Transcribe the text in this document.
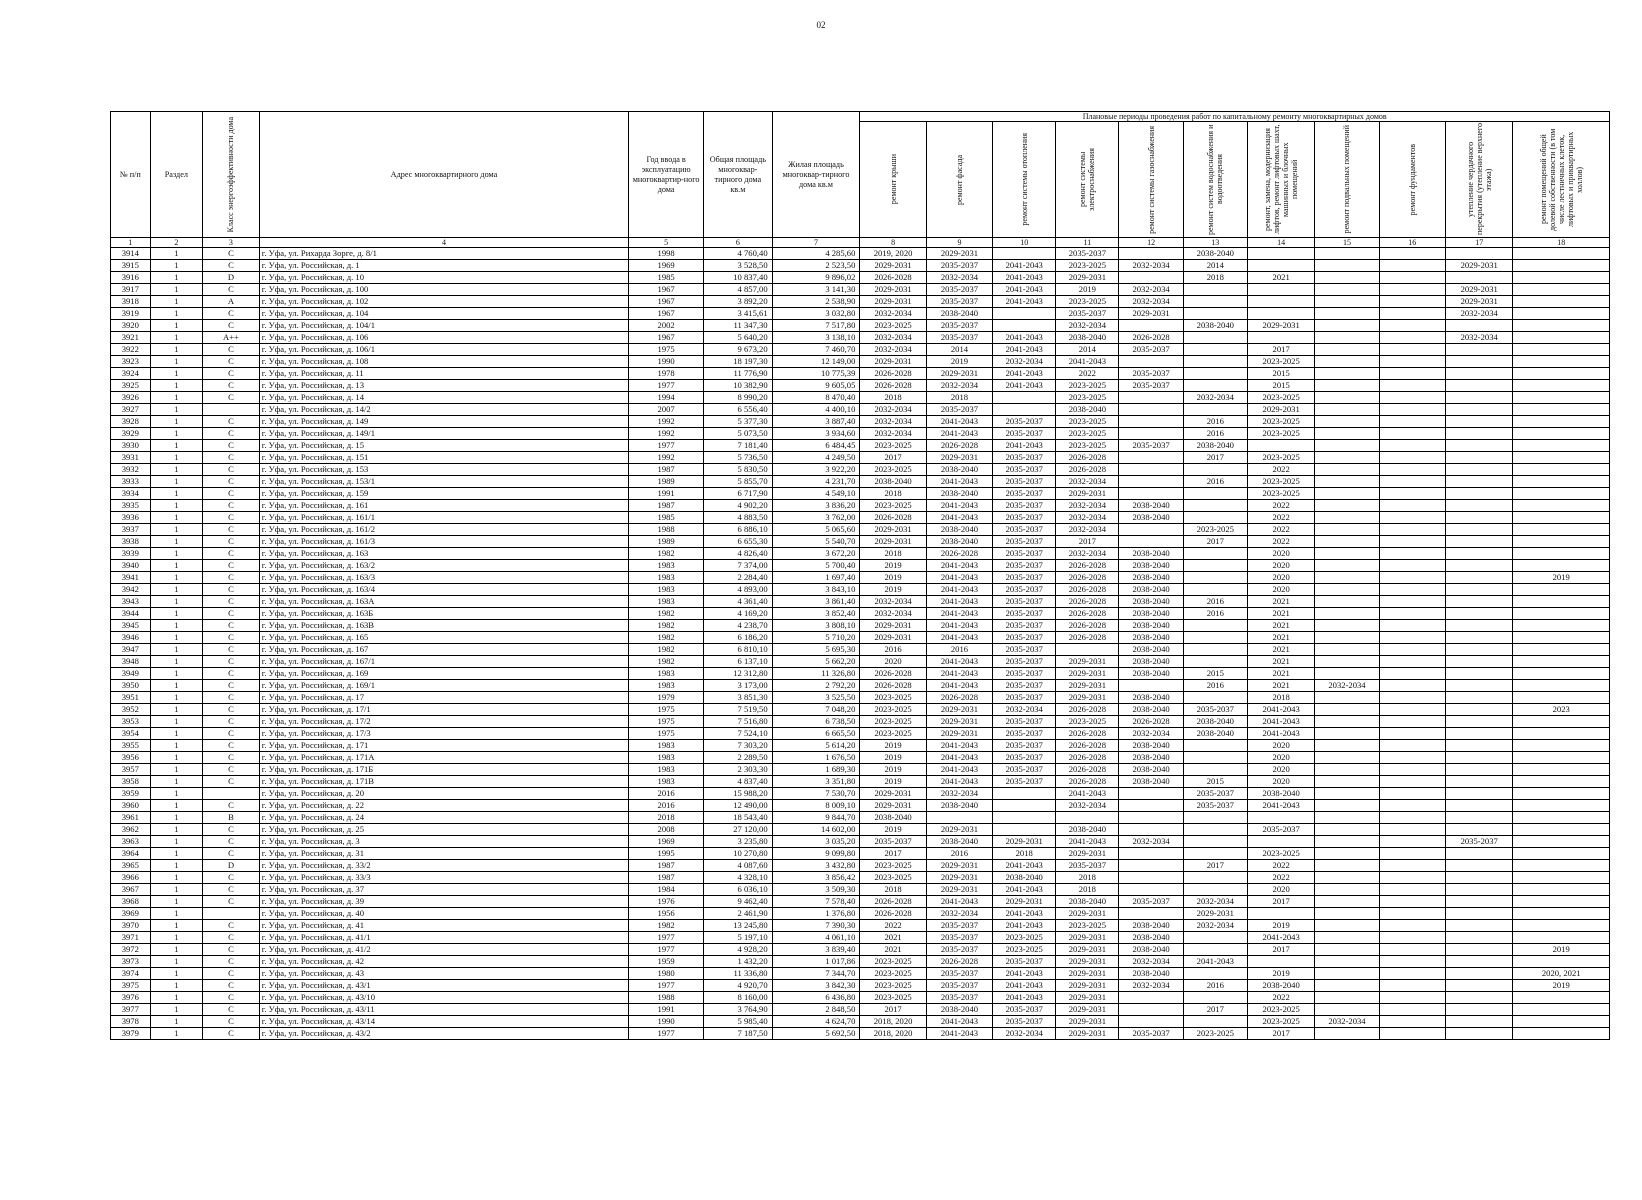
02
№ п/п	Раздел	Класс энергоэффективности дома	Адрес многоквартирного дома	Год ввода в эксплуатацию многоквартир-ного дома	Общая площадь многоквар-тирного дома кв.м	Жилая площадь многоквар-тирного дома кв.м	Плановые периоды проведения работ по капитальному ремонту многоквартирных домов										

							ремонт крыши	ремонт фасада	ремонт системы отопления	ремонт системы электроснабжения	ремонт системы газоснабжения	ремонт систем водоснабжения и водоотведения	ремонт, замена, модернизация лифтов, ремонт лифтовых шахт, машинных и блочных помещений	ремонт подвальных помещений	ремонт фундаментов	утепление чердачного перекрытия (утепление верхнего этажа)	ремонт помещений общей долевой собственности (в том числе лестничных клеток, лифтовых и приквартирных холлов)

1	2	3	4	5	6	7	8	9	10	11	12	13	14	15	16	17	18
3914	1	C	г. Уфа, ул. Рихарда Зорге, д. 8/1	1998	4 760,40	4 285,60	2019, 2020	2029-2031		2035-2037		2038-2040					
3915	1	C	г. Уфа, ул. Российская, д. 1	1969	3 528,50	2 523,50	2029-2031	2035-2037	2041-2043	2023-2025	2032-2034	2014				2029-2031	
3916	1	D	г. Уфа, ул. Российская, д. 10	1985	10 837,40	9 896,02	2026-2028	2032-2034	2041-2043	2029-2031		2018	2021				
3917	1	C	г. Уфа, ул. Российская, д. 100	1967	4 857,00	3 141,30	2029-2031	2035-2037	2041-2043	2019	2032-2034					2029-2031	
3918	1	A	г. Уфа, ул. Российская, д. 102	1967	3 892,20	2 538,90	2029-2031	2035-2037	2041-2043	2023-2025	2032-2034					2029-2031	
3919	1	C	г. Уфа, ул. Российская, д. 104	1967	3 415,61	3 032,80	2032-2034	2038-2040		2035-2037	2029-2031					2032-2034	
3920	1	C	г. Уфа, ул. Российская, д. 104/1	2002	11 347,30	7 517,80	2023-2025	2035-2037		2032-2034		2038-2040	2029-2031				
3921	1	A++	г. Уфа, ул. Российская, д. 106	1967	5 640,20	3 138,10	2032-2034	2035-2037	2041-2043	2038-2040	2026-2028					2032-2034	
3922	1	C	г. Уфа, ул. Российская, д. 106/1	1975	9 673,20	7 460,70	2032-2034	2014	2041-2043	2014	2035-2037		2017				
3923	1	C	г. Уфа, ул. Российская, д. 108	1990	18 197,30	12 149,00	2029-2031	2019	2032-2034	2041-2043			2023-2025				
3924	1	C	г. Уфа, ул. Российская, д. 11	1978	11 776,90	10 775,39	2026-2028	2029-2031	2041-2043	2022	2035-2037		2015				
3925	1	C	г. Уфа, ул. Российская, д. 13	1977	10 382,90	9 605,05	2026-2028	2032-2034	2041-2043	2023-2025	2035-2037		2015				
3926	1	C	г. Уфа, ул. Российская, д. 14	1994	8 990,20	8 470,40	2018	2018		2023-2025		2032-2034	2023-2025				
3927	1		г. Уфа, ул. Российская, д. 14/2	2007	6 556,40	4 400,10	2032-2034	2035-2037		2038-2040			2029-2031				
3928	1	C	г. Уфа, ул. Российская, д. 149	1992	5 377,30	3 887,40	2032-2034	2041-2043	2035-2037	2023-2025		2016	2023-2025				
3929	1	C	г. Уфа, ул. Российская, д. 149/1	1992	5 073,50	3 934,60	2032-2034	2041-2043	2035-2037	2023-2025		2016	2023-2025				
3930	1	C	г. Уфа, ул. Российская, д. 15	1977	7 181,40	6 484,45	2023-2025	2026-2028	2041-2043	2023-2025	2035-2037	2038-2040					
3931	1	C	г. Уфа, ул. Российская, д. 151	1992	5 736,50	4 249,50	2017	2029-2031	2035-2037	2026-2028		2017	2023-2025				
3932	1	C	г. Уфа, ул. Российская, д. 153	1987	5 830,50	3 922,20	2023-2025	2038-2040	2035-2037	2026-2028			2022				
3933	1	C	г. Уфа, ул. Российская, д. 153/1	1989	5 855,70	4 231,70	2038-2040	2041-2043	2035-2037	2032-2034		2016	2023-2025				
3934	1	C	г. Уфа, ул. Российская, д. 159	1991	6 717,90	4 549,10	2018	2038-2040	2035-2037	2029-2031			2023-2025				
3935	1	C	г. Уфа, ул. Российская, д. 161	1987	4 902,20	3 836,20	2023-2025	2041-2043	2035-2037	2032-2034	2038-2040		2022				
3936	1	C	г. Уфа, ул. Российская, д. 161/1	1985	4 883,50	3 762,00	2026-2028	2041-2043	2035-2037	2032-2034	2038-2040		2022				
3937	1	C	г. Уфа, ул. Российская, д. 161/2	1988	6 886,10	5 065,60	2029-2031	2038-2040	2035-2037	2032-2034		2023-2025	2022				
3938	1	C	г. Уфа, ул. Российская, д. 161/3	1989	6 655,30	5 540,70	2029-2031	2038-2040	2035-2037	2017		2017	2022				
3939	1	C	г. Уфа, ул. Российская, д. 163	1982	4 826,40	3 672,20	2018	2026-2028	2035-2037	2032-2034	2038-2040		2020				
3940	1	C	г. Уфа, ул. Российская, д. 163/2	1983	7 374,00	5 700,40	2019	2041-2043	2035-2037	2026-2028	2038-2040		2020				
3941	1	C	г. Уфа, ул. Российская, д. 163/3	1983	2 284,40	1 697,40	2019	2041-2043	2035-2037	2026-2028	2038-2040		2020				2019
3942	1	C	г. Уфа, ул. Российская, д. 163/4	1983	4 893,00	3 843,10	2019	2041-2043	2035-2037	2026-2028	2038-2040		2020				
3943	1	C	г. Уфа, ул. Российская, д. 163А	1983	4 361,40	3 861,40	2032-2034	2041-2043	2035-2037	2026-2028	2038-2040	2016	2021				
3944	1	C	г. Уфа, ул. Российская, д. 163Б	1982	4 169,20	3 852,40	2032-2034	2041-2043	2035-2037	2026-2028	2038-2040	2016	2021				
3945	1	C	г. Уфа, ул. Российская, д. 163В	1982	4 238,70	3 808,10	2029-2031	2041-2043	2035-2037	2026-2028	2038-2040		2021				
3946	1	C	г. Уфа, ул. Российская, д. 165	1982	6 186,20	5 710,20	2029-2031	2041-2043	2035-2037	2026-2028	2038-2040		2021				
3947	1	C	г. Уфа, ул. Российская, д. 167	1982	6 810,10	5 695,30	2016	2016	2035-2037		2038-2040		2021				
3948	1	C	г. Уфа, ул. Российская, д. 167/1	1982	6 137,10	5 662,20	2020	2041-2043	2035-2037	2029-2031	2038-2040		2021				
3949	1	C	г. Уфа, ул. Российская, д. 169	1983	12 312,80	11 326,80	2026-2028	2041-2043	2035-2037	2029-2031	2038-2040	2015	2021				
3950	1	C	г. Уфа, ул. Российская, д. 169/1	1983	3 173,00	2 792,20	2026-2028	2041-2043	2035-2037	2029-2031		2016	2021	2032-2034			
3951	1	C	г. Уфа, ул. Российская, д. 17	1979	3 851,30	3 525,50	2023-2025	2026-2028	2035-2037	2029-2031	2038-2040		2018				
3952	1	C	г. Уфа, ул. Российская, д. 17/1	1975	7 519,50	7 048,20	2023-2025	2029-2031	2032-2034	2026-2028	2038-2040	2035-2037	2041-2043				2023
3953	1	C	г. Уфа, ул. Российская, д. 17/2	1975	7 516,80	6 738,50	2023-2025	2029-2031	2035-2037	2023-2025	2026-2028	2038-2040	2041-2043				
3954	1	C	г. Уфа, ул. Российская, д. 17/3	1975	7 524,10	6 665,50	2023-2025	2029-2031	2035-2037	2026-2028	2032-2034	2038-2040	2041-2043				
3955	1	C	г. Уфа, ул. Российская, д. 171	1983	7 303,20	5 614,20	2019	2041-2043	2035-2037	2026-2028	2038-2040		2020				
3956	1	C	г. Уфа, ул. Российская, д. 171А	1983	2 289,50	1 676,50	2019	2041-2043	2035-2037	2026-2028	2038-2040		2020				
3957	1	C	г. Уфа, ул. Российская, д. 171Б	1983	2 303,30	1 689,30	2019	2041-2043	2035-2037	2026-2028	2038-2040		2020				
3958	1	C	г. Уфа, ул. Российская, д. 171В	1983	4 837,40	3 351,80	2019	2041-2043	2035-2037	2026-2028	2038-2040	2015	2020				
3959	1		г. Уфа, ул. Российская, д. 20	2016	15 988,20	7 530,70	2029-2031	2032-2034		2041-2043		2035-2037	2038-2040				
3960	1	C	г. Уфа, ул. Российская, д. 22	2016	12 490,00	8 009,10	2029-2031	2038-2040		2032-2034		2035-2037	2041-2043				
3961	1	B	г. Уфа, ул. Российская, д. 24	2018	18 543,40	9 844,70	2038-2040										
3962	1	C	г. Уфа, ул. Российская, д. 25	2008	27 120,00	14 602,00	2019	2029-2031		2038-2040			2035-2037				
3963	1	C	г. Уфа, ул. Российская, д. 3	1969	3 235,80	3 035,20	2035-2037	2038-2040	2029-2031	2041-2043	2032-2034					2035-2037	
3964	1	C	г. Уфа, ул. Российская, д. 31	1995	10 270,80	9 099,80	2017	2016	2018	2029-2031			2023-2025				
3965	1	D	г. Уфа, ул. Российская, д. 33/2	1987	4 087,60	3 432,80	2023-2025	2029-2031	2041-2043	2035-2037		2017	2022				
3966	1	C	г. Уфа, ул. Российская, д. 33/3	1987	4 328,10	3 856,42	2023-2025	2029-2031	2038-2040	2018			2022				
3967	1	C	г. Уфа, ул. Российская, д. 37	1984	6 036,10	3 509,30	2018	2029-2031	2041-2043	2018			2020				
3968	1	C	г. Уфа, ул. Российская, д. 39	1976	9 462,40	7 578,40	2026-2028	2041-2043	2029-2031	2038-2040	2035-2037	2032-2034	2017				
3969	1		г. Уфа, ул. Российская, д. 40	1956	2 461,90	1 376,80	2026-2028	2032-2034	2041-2043	2029-2031		2029-2031					
3970	1	C	г. Уфа, ул. Российская, д. 41	1982	13 245,80	7 390,30	2022	2035-2037	2041-2043	2023-2025	2038-2040	2032-2034	2019				
3971	1	C	г. Уфа, ул. Российская, д. 41/1	1977	5 197,10	4 061,10	2021	2035-2037	2023-2025	2029-2031	2038-2040		2041-2043				
3972	1	C	г. Уфа, ул. Российская, д. 41/2	1977	4 928,20	3 839,40	2021	2035-2037	2023-2025	2029-2031	2038-2040		2017				2019
3973	1	C	г. Уфа, ул. Российская, д. 42	1959	1 432,20	1 017,86	2023-2025	2026-2028	2035-2037	2029-2031	2032-2034	2041-2043					
3974	1	C	г. Уфа, ул. Российская, д. 43	1980	11 336,80	7 344,70	2023-2025	2035-2037	2041-2043	2029-2031	2038-2040		2019				2020, 2021
3975	1	C	г. Уфа, ул. Российская, д. 43/1	1977	4 920,70	3 842,30	2023-2025	2035-2037	2041-2043	2029-2031	2032-2034	2016	2038-2040				2019
3976	1	C	г. Уфа, ул. Российская, д. 43/10	1988	8 160,00	6 436,80	2023-2025	2035-2037	2041-2043	2029-2031			2022				
3977	1	C	г. Уфа, ул. Российская, д. 43/11	1991	3 764,90	2 848,50	2017	2038-2040	2035-2037	2029-2031		2017	2023-2025				
3978	1	C	г. Уфа, ул. Российская, д. 43/14	1990	5 985,40	4 624,70	2018, 2020	2041-2043	2035-2037	2029-2031			2023-2025	2032-2034			
3979	1	C	г. Уфа, ул. Российская, д. 43/2	1977	7 187,50	5 692,50	2018, 2020	2041-2043	2032-2034	2029-2031	2035-2037	2023-2025	2017				
